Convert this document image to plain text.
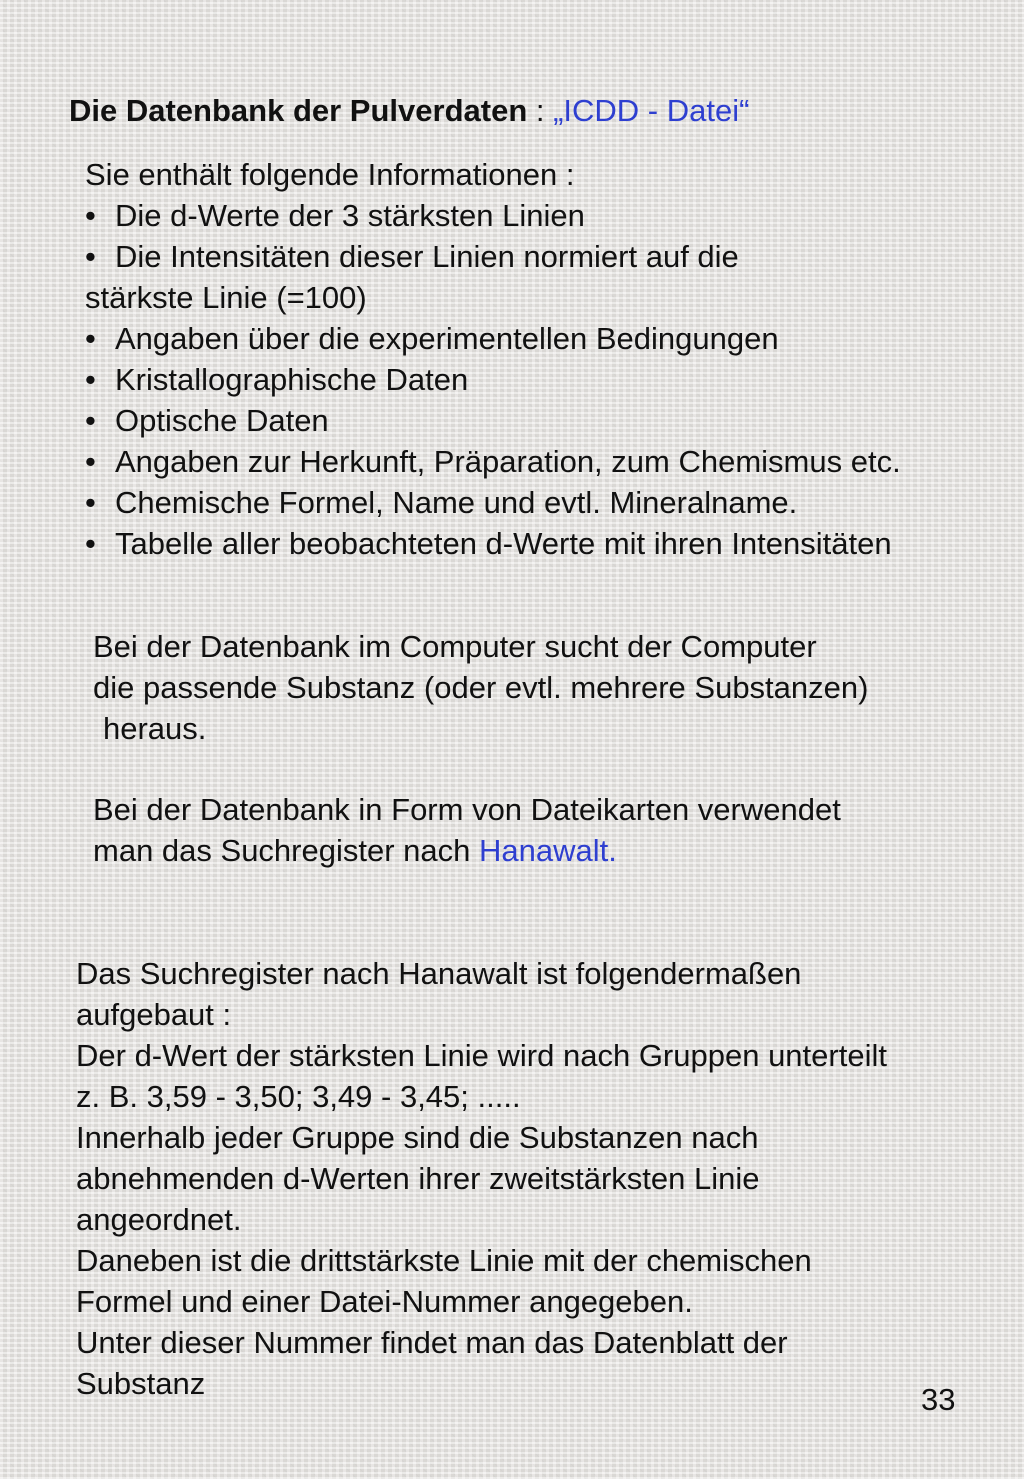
Die Datenbank der Pulverdaten : „ICDD - Datei“
Sie enthält folgende Informationen :
• Die d-Werte der 3 stärksten Linien
• Die Intensitäten dieser Linien normiert auf die
stärkste Linie (=100)
• Angaben über die experimentellen Bedingungen
• Kristallographische Daten
• Optische Daten
• Angaben zur Herkunft, Präparation, zum Chemismus etc.
• Chemische Formel, Name und evtl. Mineralname.
• Tabelle aller beobachteten d-Werte mit ihren Intensitäten
Bei der Datenbank im Computer sucht der Computer
die passende Substanz (oder evtl. mehrere Substanzen)
heraus.
Bei der Datenbank in Form von Dateikarten verwendet
man das Suchregister nach Hanawalt.
Das Suchregister nach Hanawalt ist folgendermaßen
aufgebaut :
Der d-Wert der stärksten Linie wird nach Gruppen unterteilt
z. B. 3,59 - 3,50; 3,49 - 3,45; .....
Innerhalb jeder Gruppe sind die Substanzen nach
abnehmenden d-Werten ihrer zweitstärksten Linie
angeordnet.
Daneben ist die drittstärkste Linie mit der chemischen
Formel und einer Datei-Nummer angegeben.
Unter dieser Nummer findet man das Datenblatt der
Substanz	33
